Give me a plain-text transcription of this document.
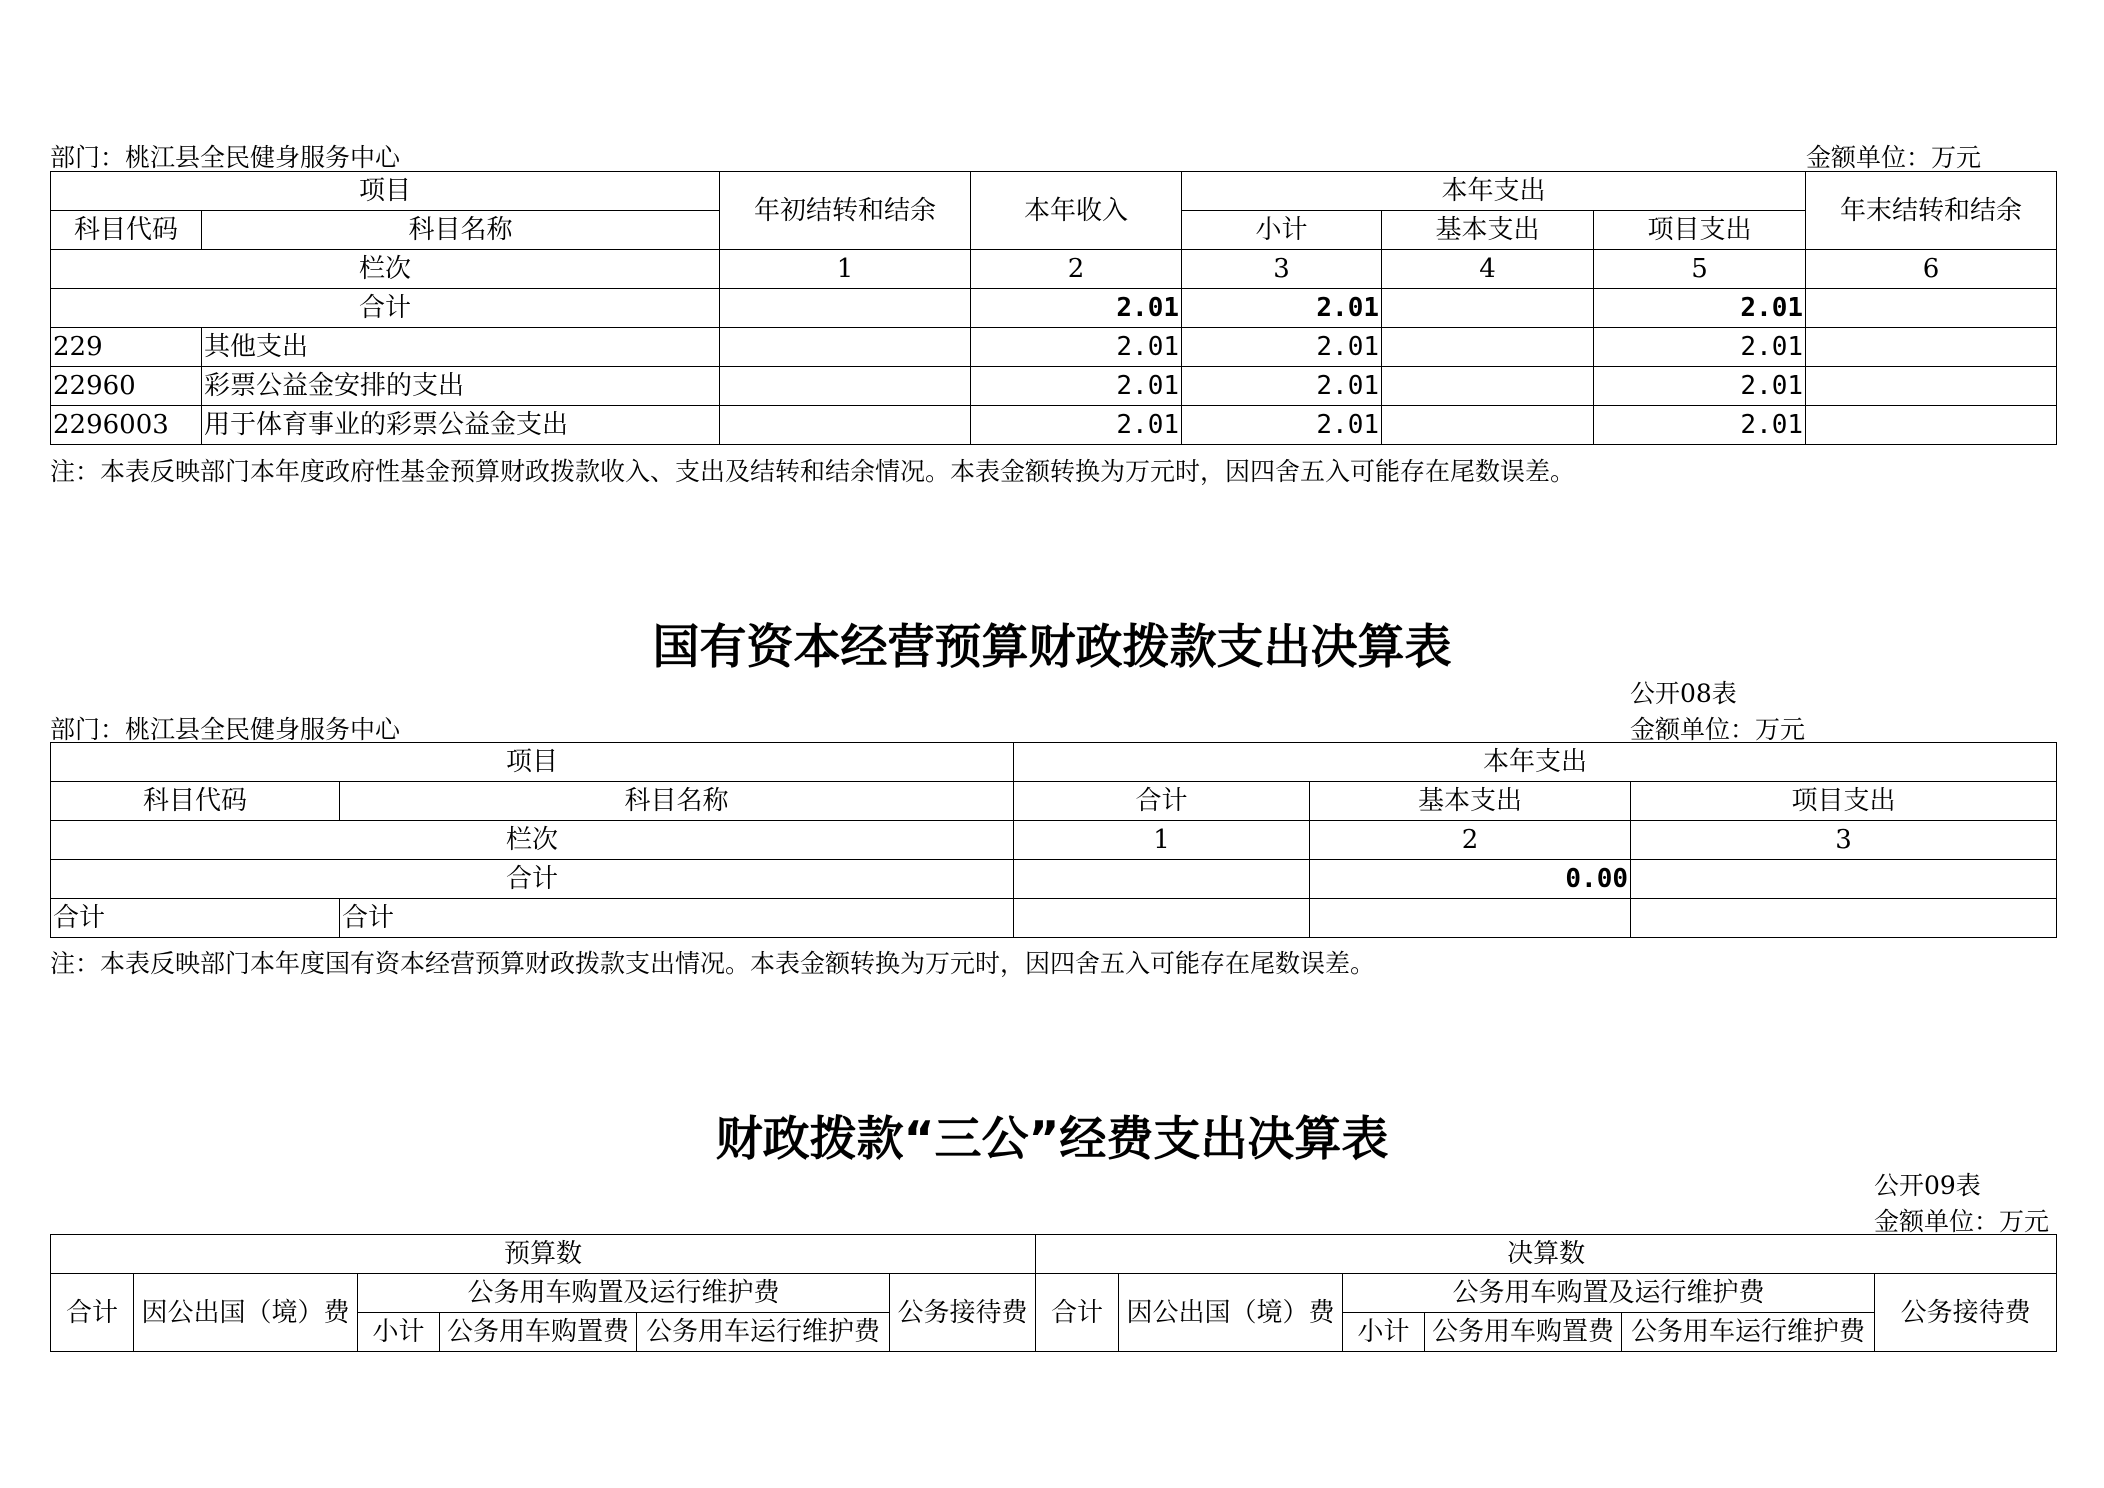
部门：桃江县全民健身服务中心	金额单位：万元
项目		年初结转和结余	本年收入	本年支出			年末结转和结余
科目代码	科目名称			小计	基本支出	项目支出	
栏次		1	2	3	4	5	6
合计			2.01	2.01		2.01	
229	其他支出		2.01	2.01		2.01	
22960	彩票公益金安排的支出		2.01	2.01		2.01	
2296003	用于体育事业的彩票公益金支出		2.01	2.01		2.01	
注：本表反映部门本年度政府性基金预算财政拨款收入、支出及结转和结余情况。本表金额转换为万元时，因四舍五入可能存在尾数误差。
国有资本经营预算财政拨款支出决算表
公开08表
部门：桃江县全民健身服务中心	金额单位：万元
项目		本年支出		
科目代码	科目名称	合计	基本支出	项目支出
栏次		1	2	3
合计			0.00	
合计	合计			
注：本表反映部门本年度国有资本经营预算财政拨款支出情况。本表金额转换为万元时，因四舍五入可能存在尾数误差。
财政拨款“三公”经费支出决算表
公开09表
金额单位：万元
预算数						决算数					
合计	因公出国（境）费	公务用车购置及运行维护费			公务接待费	合计	因公出国（境）费	公务用车购置及运行维护费			公务接待费
		小计	公务用车购置费	公务用车运行维护费				小计	公务用车购置费	公务用车运行维护费	
